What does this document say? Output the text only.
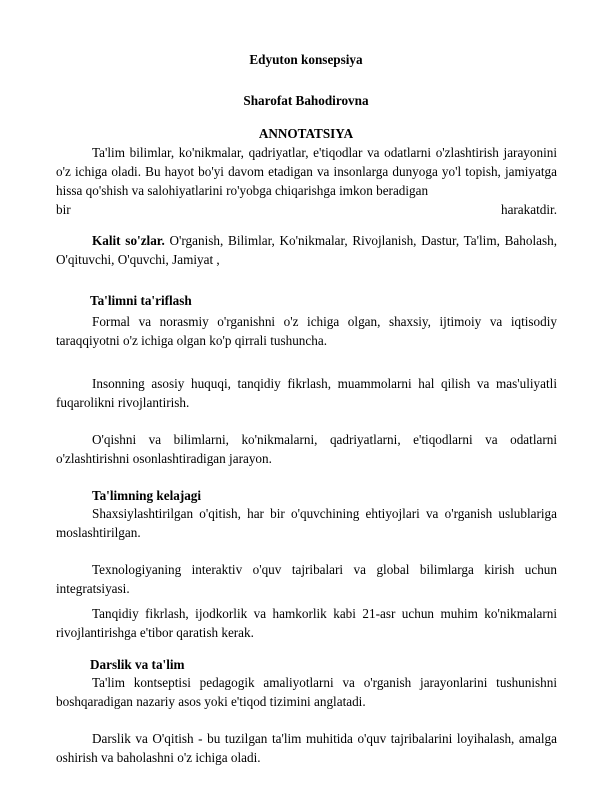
Edyuton konsepsiya
Sharofat Bahodirovna
ANNOTATSIYA
Ta'lim bilimlar, ko'nikmalar, qadriyatlar, e'tiqodlar va odatlarni o'zlashtirish jarayonini o'z ichiga oladi. Bu hayot bo'yi davom etadigan va insonlarga dunyoga yo'l topish, jamiyatga hissa qo'shish va salohiyatlarini ro'yobga chiqarishga imkon beradigan
bir	harakatdir.
Kalit so'zlar. O'rganish, Bilimlar, Ko'nikmalar, Rivojlanish, Dastur, Ta'lim, Baholash, O'qituvchi, O'quvchi, Jamiyat ,
Ta'limni ta'riflash
Formal va norasmiy o'rganishni o'z ichiga olgan, shaxsiy, ijtimoiy va iqtisodiy taraqqiyotni o'z ichiga olgan ko'p qirrali tushuncha.
Insonning asosiy huquqi, tanqidiy fikrlash, muammolarni hal qilish va mas'uliyatli fuqarolikni rivojlantirish.
O'qishni va bilimlarni, ko'nikmalarni, qadriyatlarni, e'tiqodlarni va odatlarni o'zlashtirishni osonlashtiradigan jarayon.
Ta'limning kelajagi
Shaxsiylashtirilgan o'qitish, har bir o'quvchining ehtiyojlari va o'rganish uslublariga moslashtirilgan.
Texnologiyaning interaktiv o'quv tajribalari va global bilimlarga kirish uchun integratsiyasi.
Tanqidiy fikrlash, ijodkorlik va hamkorlik kabi 21-asr uchun muhim ko'nikmalarni rivojlantirishga e'tibor qaratish kerak.
Darslik va ta'lim
Ta'lim kontseptisi pedagogik amaliyotlarni va o'rganish jarayonlarini tushunishni boshqaradigan nazariy asos yoki e'tiqod tizimini anglatadi.
Darslik va O'qitish - bu tuzilgan ta'lim muhitida o'quv tajribalarini loyihalash, amalga oshirish va baholashni o'z ichiga oladi.
